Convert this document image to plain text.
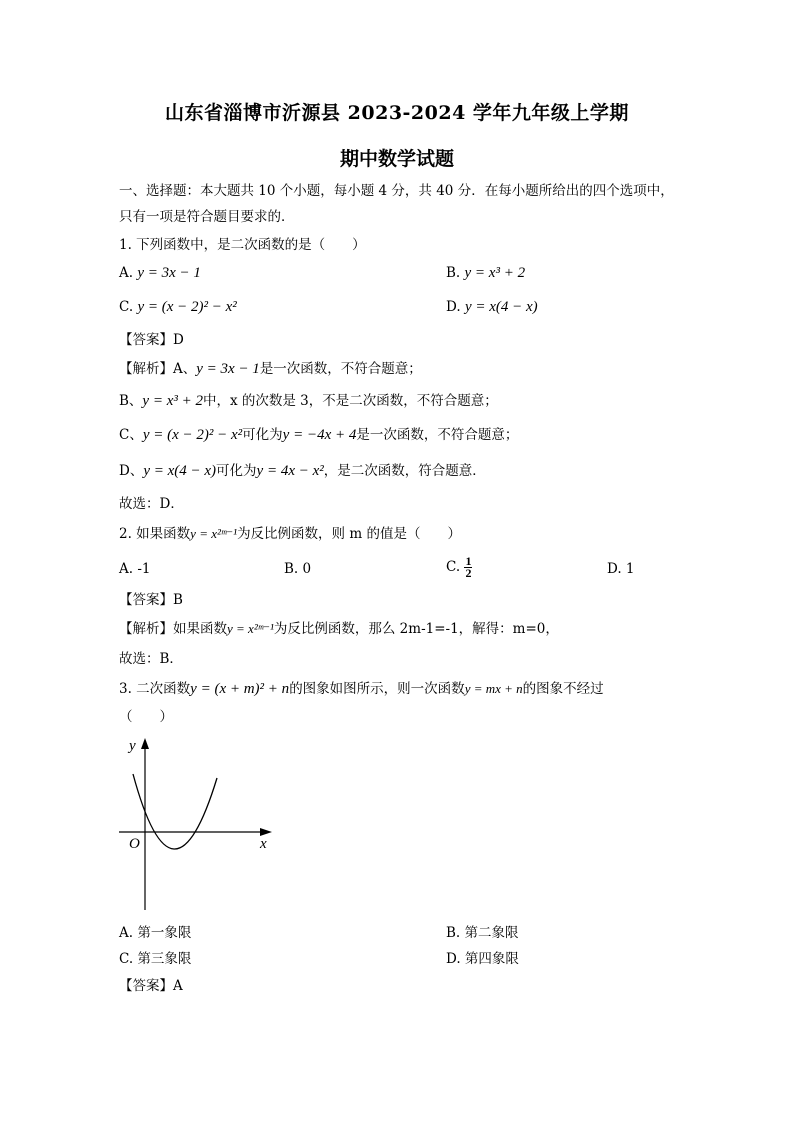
山东省淄博市沂源县 2023-2024 学年九年级上学期
期中数学试题
一、选择题：本大题共 10 个小题，每小题 4 分，共 40 分．在每小题所给出的四个选项中，
只有一项是符合题目要求的．
1. 下列函数中，是二次函数的是（　　）
A. y = 3x − 1	B. y = x³ + 2
C. y = (x − 2)² − x²	D. y = x(4 − x)
【答案】D
【解析】A、y = 3x − 1是一次函数，不符合题意；
B、y = x³ + 2中，x 的次数是 3，不是二次函数，不符合题意；
C、y = (x − 2)² − x²可化为y = −4x + 4是一次函数，不符合题意；
D、y = x(4 − x)可化为y = 4x − x²，是二次函数，符合题意．
故选：D．
2. 如果函数y = x²ᵐ⁻¹为反比例函数，则 m 的值是（　　）
A. -1	B. 0	C. $\frac{1}{2}$	D. 1
【答案】B
【解析】如果函数y = x²ᵐ⁻¹为反比例函数，那么 2m-1=-1，解得：m=0，
故选：B．
3. 二次函数y = (x + m)² + n的图象如图所示，则一次函数y = mx + n的图象不经过
（　　）
y
x
O
A. 第一象限	B. 第二象限
C. 第三象限	D. 第四象限
【答案】A
